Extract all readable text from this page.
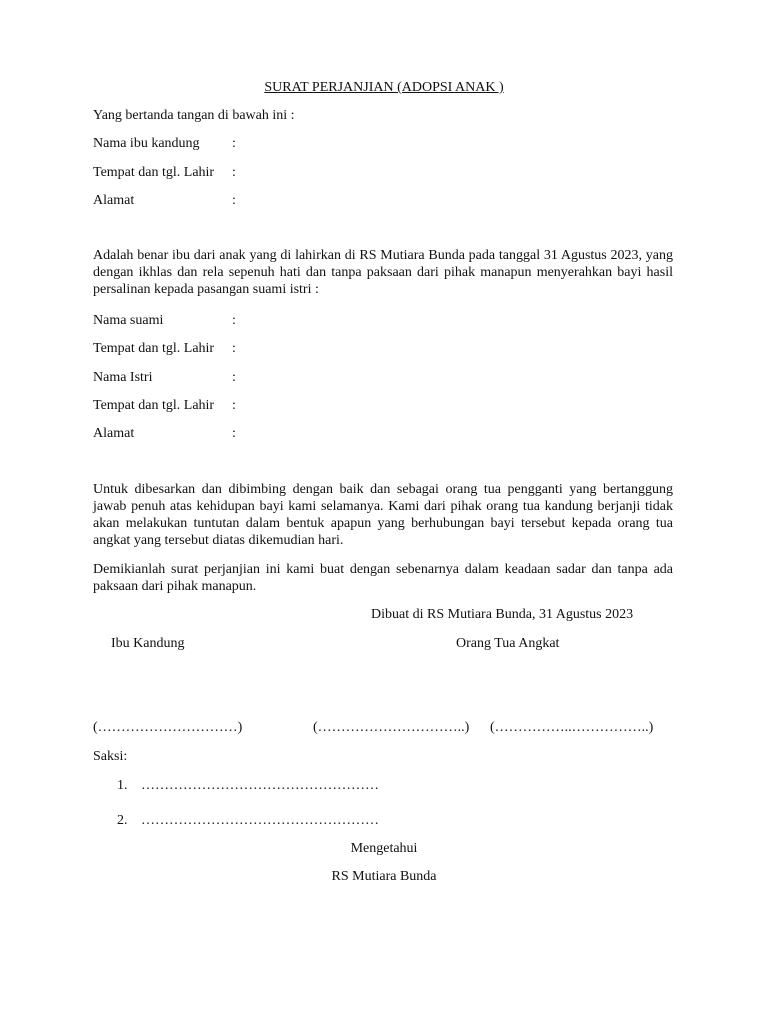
SURAT PERJANJIAN (ADOPSI ANAK )
Yang bertanda tangan di bawah ini :
Nama ibu kandung :
Tempat dan tgl. Lahir :
Alamat	:
Adalah benar ibu dari anak yang di lahirkan di RS Mutiara Bunda pada tanggal 31 Agustus 2023, yang dengan ikhlas dan rela sepenuh hati dan tanpa paksaan dari pihak manapun menyerahkan bayi hasil persalinan kepada pasangan suami istri :
Nama suami	:
Tempat dan tgl. Lahir :
Nama Istri	:
Tempat dan tgl. Lahir :
Alamat	:
Untuk dibesarkan dan dibimbing dengan baik dan sebagai orang tua pengganti yang bertanggung jawab penuh atas kehidupan bayi kami selamanya. Kami dari pihak orang tua kandung berjanji tidak akan melakukan tuntutan dalam bentuk apapun yang berhubungan bayi tersebut kepada orang tua angkat yang tersebut diatas dikemudian hari.
Demikianlah surat perjanjian ini kami buat dengan sebenarnya dalam keadaan sadar dan tanpa ada paksaan dari pihak manapun.
Dibuat di RS Mutiara Bunda, 31 Agustus 2023
Ibu Kandung	Orang Tua Angkat
(…………………………)	(…………………………..) (……………..……………..)
Saksi:
1. ……………………………………………
2. ……………………………………………
Mengetahui
RS Mutiara Bunda
